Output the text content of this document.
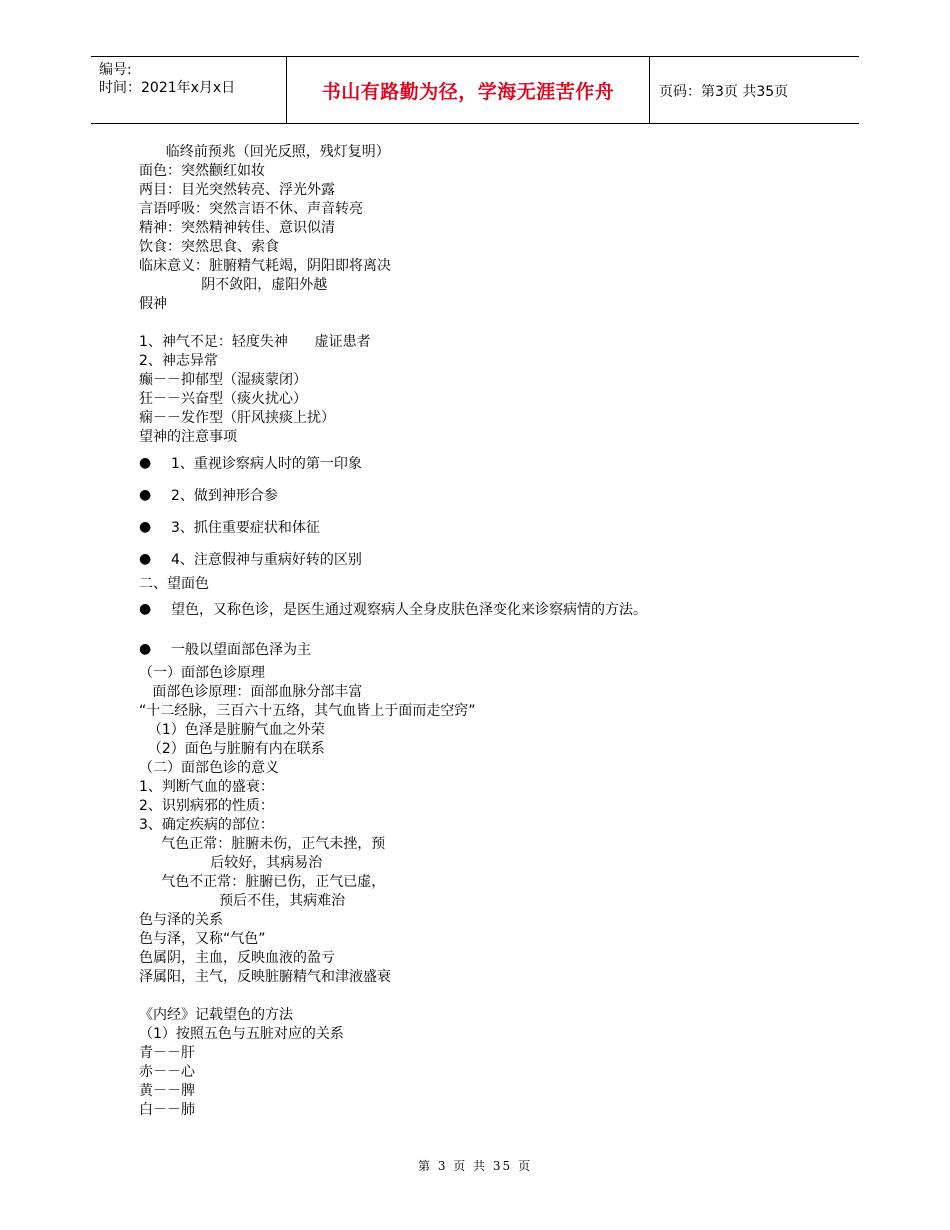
编号:
时间：2021年x月x日	书山有路勤为径，学海无涯苦作舟	页码：第3页 共35页
临终前预兆（回光反照，残灯复明）
面色：突然颧红如妆
两目：目光突然转亮、浮光外露
言语呼吸：突然言语不休、声音转亮
精神：突然精神转佳、意识似清
饮食：突然思食、索食
临床意义：脏腑精气耗竭，阴阳即将离决
阴不敛阳，虚阳外越
假神
1、神气不足：轻度失神      虚证患者
2、神志异常
癫－－抑郁型（湿痰蒙闭）
狂－－兴奋型（痰火扰心）
痫－－发作型（肝风挟痰上扰）
望神的注意事项
●	1、重视诊察病人时的第一印象
●	2、做到神形合参
●	3、抓住重要症状和体征
●	4、注意假神与重病好转的区别
二、望面色
●	望色，又称色诊，是医生通过观察病人全身皮肤色泽变化来诊察病情的方法。
●	一般以望面部色泽为主
（一）面部色诊原理
面部色诊原理：面部血脉分部丰富
“十二经脉，三百六十五络，其气血皆上于面而走空窍”
（1）色泽是脏腑气血之外荣
（2）面色与脏腑有内在联系
（二）面部色诊的意义
1、判断气血的盛衰：
2、识别病邪的性质：
3、确定疾病的部位：
气色正常：脏腑未伤，正气未挫，预
后较好，其病易治
气色不正常：脏腑已伤，正气已虚，
预后不佳，其病难治
色与泽的关系
色与泽，又称“气色”
色属阴，主血，反映血液的盈亏
泽属阳，主气，反映脏腑精气和津液盛衰
《内经》记载望色的方法
（1）按照五色与五脏对应的关系
青－－肝
赤－－心
黄－－脾
白－－肺
第 3 页 共 35 页
